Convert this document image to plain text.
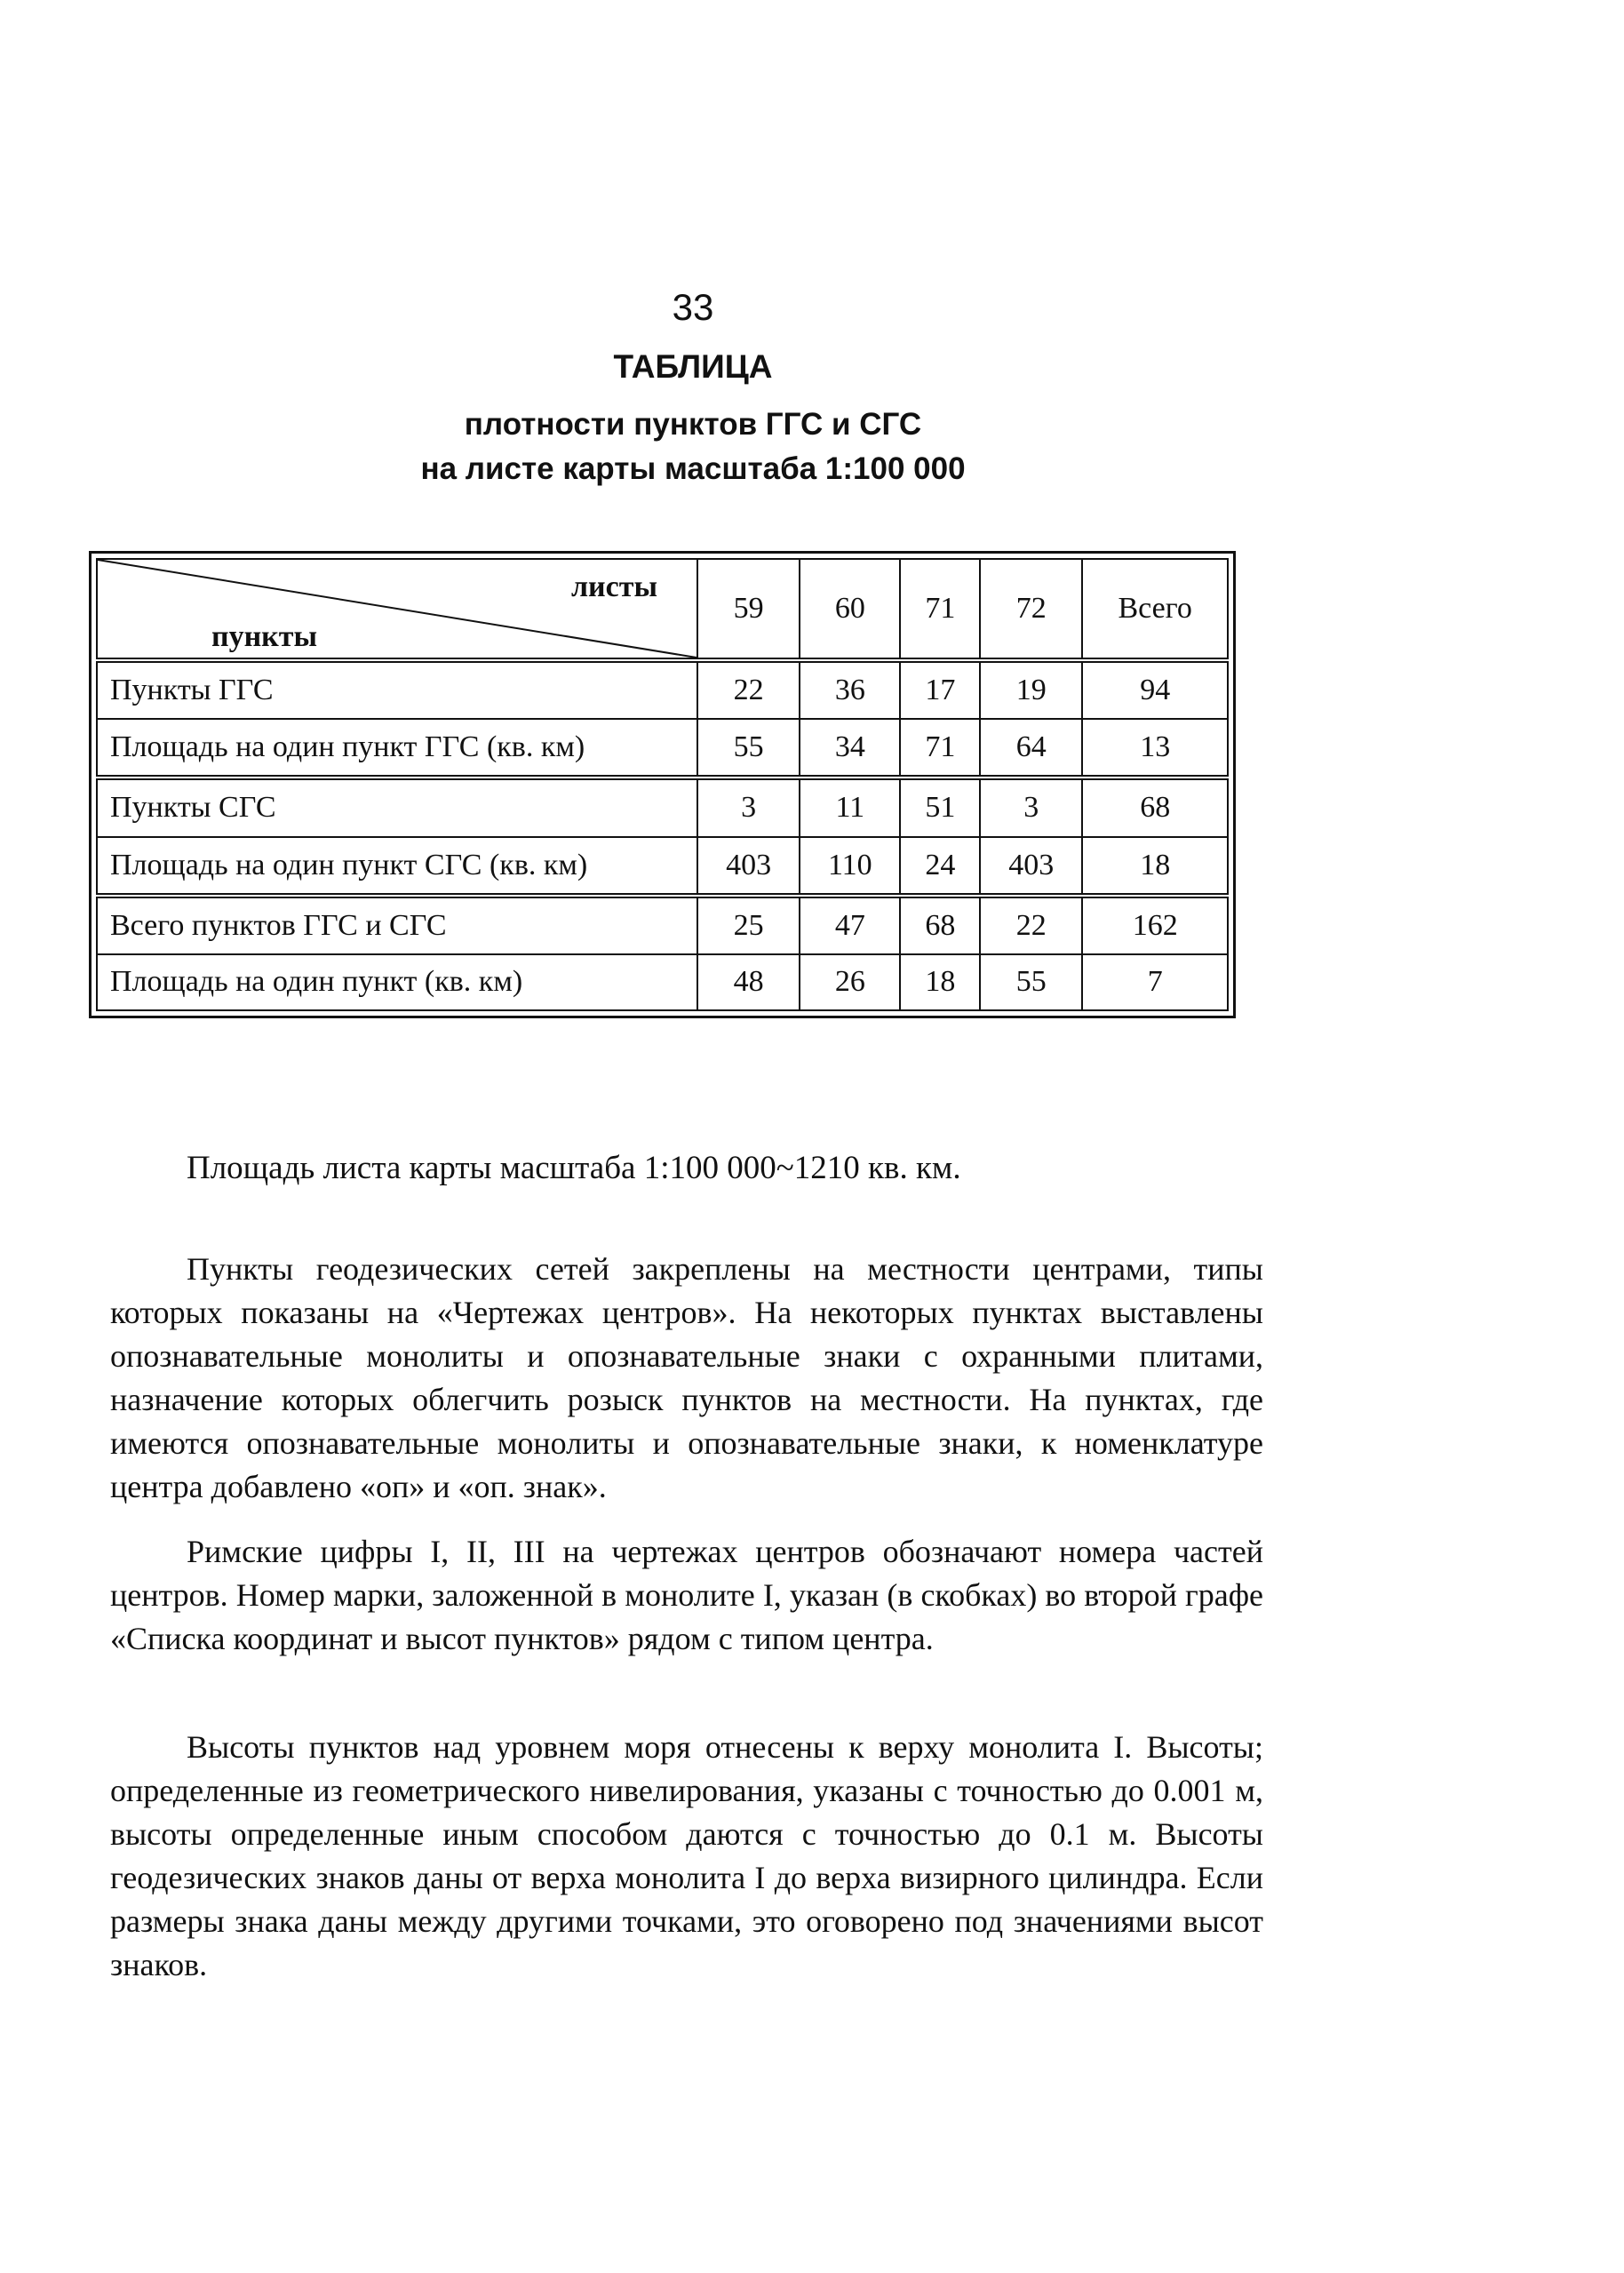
33
ТАБЛИЦА
плотности пунктов ГГС и СГС
на листе карты масштаба 1:100 000
листы
пункты	59	60	71	72	Всего
Пункты ГГС	22	36	17	19	94
Площадь на один пункт ГГС (кв. км)	55	34	71	64	13
Пункты СГС	3	11	51	3	68
Площадь на один пункт СГС (кв. км)	403	110	24	403	18
Всего пунктов ГГС и СГС	25	47	68	22	162
Площадь на один пункт (кв. км)	48	26	18	55	7
Площадь листа карты масштаба 1:100 000~1210 кв. км.

Пункты геодезических сетей закреплены на местности центрами, типы которых показаны на «Чертежах центров». На некоторых пунктах выставлены опознавательные монолиты и опознавательные знаки с охранными плитами, назначение которых облегчить розыск пунктов на местности. На пунктах, где имеются опознавательные монолиты и опознавательные знаки, к номенклатуре центра добавлено «оп» и «оп. знак».

Римские цифры I, II, III на чертежах центров обозначают номера частей центров. Номер марки, заложенной в монолите I, указан (в скобках) во второй графе «Списка координат и высот пунктов» рядом с типом центра.

Высоты пунктов над уровнем моря отнесены к верху монолита I. Высоты; определенные из геометрического нивелирования, указаны с точностью до 0.001 м, высоты определенные иным способом даются с точностью до 0.1 м. Высоты геодезических знаков даны от верха монолита I до верха визирного цилиндра. Если размеры знака даны между другими точками, это оговорено под значениями высот знаков.
